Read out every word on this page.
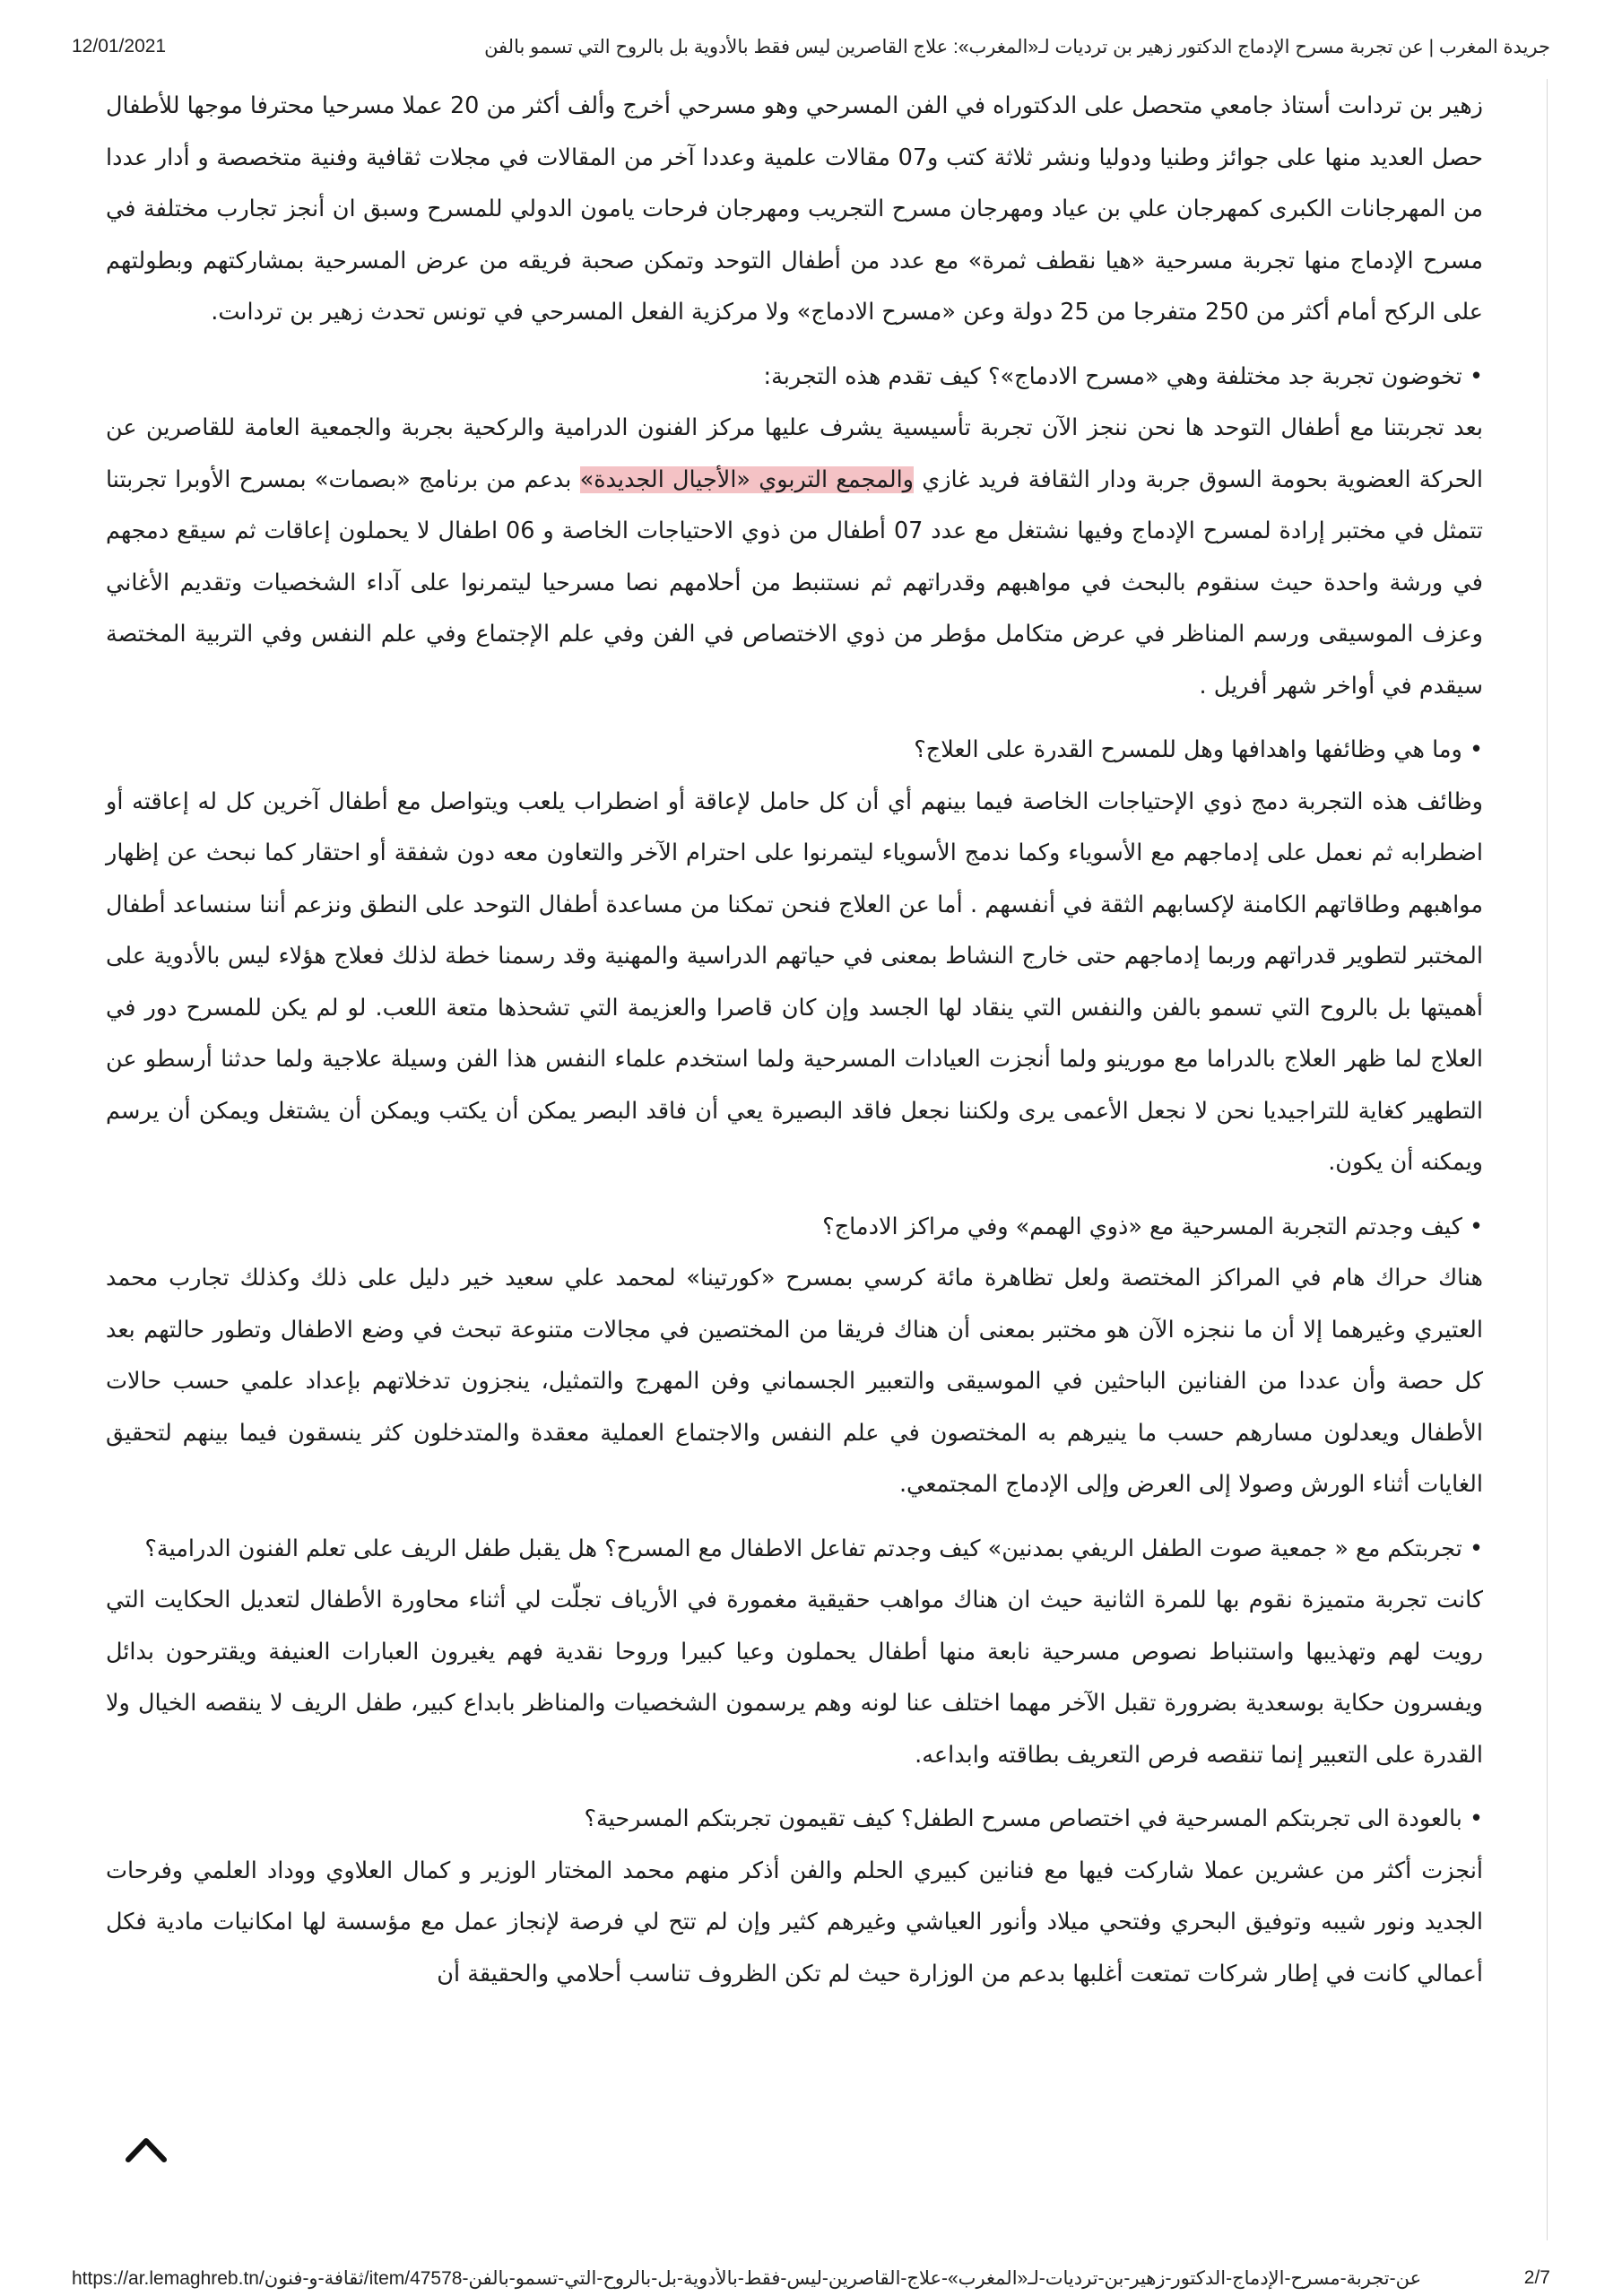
12/01/2021	جريدة المغرب | عن تجربة مسرح الإدماج الدكتور زهير بن ترديات لـ«المغرب»: علاج القاصرين ليس فقط بالأدوية بل بالروح التي تسمو بالفن

زهير بن ترداىت أستاذ جامعي متحصل على الدكتوراه في الفن المسرحي وهو مسرحي أخرج وألف أكثر من 20 عملا مسرحيا محترفا موجها للأطفال حصل العديد منها على جوائز وطنيا ودوليا ونشر ثلاثة كتب و07 مقالات علمية وعددا آخر من المقالات في مجلات ثقافية وفنية متخصصة و أدار عددا من المهرجانات الكبرى كمهرجان علي بن عياد ومهرجان مسرح التجريب ومهرجان فرحات يامون الدولي للمسرح وسبق ان أنجز تجارب مختلفة في مسرح الإدماج منها تجربة مسرحية «هيا نقطف ثمرة» مع عدد من أطفال التوحد وتمكن صحبة فريقه من عرض المسرحية بمشاركتهم وبطولتهم على الركح أمام أكثر من 250 متفرجا من 25 دولة وعن «مسرح الادماج» ولا مركزية الفعل المسرحي في تونس تحدث زهير بن ترداىت.

• تخوضون تجربة جد مختلفة وهي «مسرح الادماج»؟ كيف تقدم هذه التجربة:

بعد تجربتنا مع أطفال التوحد ها نحن ننجز الآن تجربة تأسيسية يشرف عليها مركز الفنون الدرامية والركحية بجربة والجمعية العامة للقاصرين عن الحركة العضوية بحومة السوق جربة ودار الثقافة فريد غازي والمجمع التربوي «الأجيال الجديدة» بدعم من برنامج «بصمات» بمسرح الأوبرا تجربتنا تتمثل في مختبر إرادة لمسرح الإدماج وفيها نشتغل مع عدد 07 أطفال من ذوي الاحتياجات الخاصة و 06 اطفال لا يحملون إعاقات ثم سيقع دمجهم في ورشة واحدة حيث سنقوم بالبحث في مواهبهم وقدراتهم ثم نستنبط من أحلامهم نصا مسرحيا ليتمرنوا على آداء الشخصيات وتقديم الأغاني وعزف الموسيقى ورسم المناظر في عرض متكامل مؤطر من ذوي الاختصاص في الفن وفي علم الإجتماع وفي علم النفس وفي التربية المختصة سيقدم في أواخر شهر أفريل .

• وما هي وظائفها واهدافها وهل للمسرح القدرة على العلاج؟

وظائف هذه التجربة دمج ذوي الإحتياجات الخاصة فيما بينهم أي أن كل حامل لإعاقة أو اضطراب يلعب ويتواصل مع أطفال آخرين كل له إعاقته أو اضطرابه ثم نعمل على إدماجهم مع الأسوياء وكما ندمج الأسوياء ليتمرنوا على احترام الآخر والتعاون معه دون شفقة أو احتقار كما نبحث عن إظهار مواهبهم وطاقاتهم الكامنة لإكسابهم الثقة في أنفسهم . أما عن العلاج فنحن تمكنا من مساعدة أطفال التوحد على النطق ونزعم أننا سنساعد أطفال المختبر لتطوير قدراتهم وربما إدماجهم حتى خارج النشاط بمعنى في حياتهم الدراسية والمهنية وقد رسمنا خطة لذلك فعلاج هؤلاء ليس بالأدوية على أهميتها بل بالروح التي تسمو بالفن والنفس التي ينقاد لها الجسد وإن كان قاصرا والعزيمة التي تشحذها متعة اللعب. لو لم يكن للمسرح دور في العلاج لما ظهر العلاج بالدراما مع مورينو ولما أنجزت العيادات المسرحية ولما استخدم علماء النفس هذا الفن وسيلة علاجية ولما حدثنا أرسطو عن التطهير كغاية للتراجيديا نحن لا نجعل الأعمى يرى ولكننا نجعل فاقد البصيرة يعي أن فاقد البصر يمكن أن يكتب ويمكن أن يشتغل ويمكن أن يرسم ويمكنه أن يكون.

• كيف وجدتم التجربة المسرحية مع «ذوي الهمم» وفي مراكز الادماج؟

هناك حراك هام في المراكز المختصة ولعل تظاهرة مائة كرسي بمسرح «كورتينا» لمحمد علي سعيد خير دليل على ذلك وكذلك تجارب محمد العتيري وغيرهما إلا أن ما ننجزه الآن هو مختبر بمعنى أن هناك فريقا من المختصين في مجالات متنوعة تبحث في وضع الاطفال وتطور حالتهم بعد كل حصة وأن عددا من الفنانين الباحثين في الموسيقى والتعبير الجسماني وفن المهرج والتمثيل، ينجزون تدخلاتهم بإعداد علمي حسب حالات الأطفال ويعدلون مسارهم حسب ما ينيرهم به المختصون في علم النفس والاجتماع العملية معقدة والمتدخلون كثر ينسقون فيما بينهم لتحقيق الغايات أثناء الورش وصولا إلى العرض وإلى الإدماج المجتمعي.

• تجربتكم مع « جمعية صوت الطفل الريفي بمدنين» كيف وجدتم تفاعل الاطفال مع المسرح؟ هل يقبل طفل الريف على تعلم الفنون الدرامية؟

كانت تجربة متميزة نقوم بها للمرة الثانية حيث ان هناك مواهب حقيقية مغمورة في الأرياف تجلّت لي أثناء محاورة الأطفال لتعديل الحكايت التي رويت لهم وتهذيبها واستنباط نصوص مسرحية نابعة منها أطفال يحملون وعيا كبيرا وروحا نقدية فهم يغيرون العبارات العنيفة ويقترحون بدائل ويفسرون حكاية بوسعدية بضرورة تقبل الآخر مهما اختلف عنا لونه وهم يرسمون الشخصيات والمناظر بابداع كبير، طفل الريف لا ينقصه الخيال ولا القدرة على التعبير إنما تنقصه فرص التعريف بطاقته وابداعه.

• بالعودة الى تجربتكم المسرحية في اختصاص مسرح الطفل؟ كيف تقيمون تجربتكم المسرحية؟

أنجزت أكثر من عشرين عملا شاركت فيها مع فنانين كبيري الحلم والفن أذكر منهم محمد المختار الوزير و كمال العلاوي ووداد العلمي وفرحات الجديد ونور شيبه وتوفيق البحري وفتحي ميلاد وأنور العياشي وغيرهم كثير وإن لم تتح لي فرصة لإنجاز عمل مع مؤسسة لها امكانيات مادية فكل أعمالي كانت في إطار شركات تمتعت أغلبها بدعم من الوزارة حيث لم تكن الظروف تناسب أحلامي والحقيقة أن

https://ar.lemaghreb.tn/ثقافة-و-فنون/item/47578-عن-تجربة-مسرح-الإدماج-الدكتور-زهير-بن-ترديات-لـ«المغرب»-علاج-القاصرين-ليس-فقط-بالأدوية-بل-بالروح-التي-تسمو-بالفن	2/7
